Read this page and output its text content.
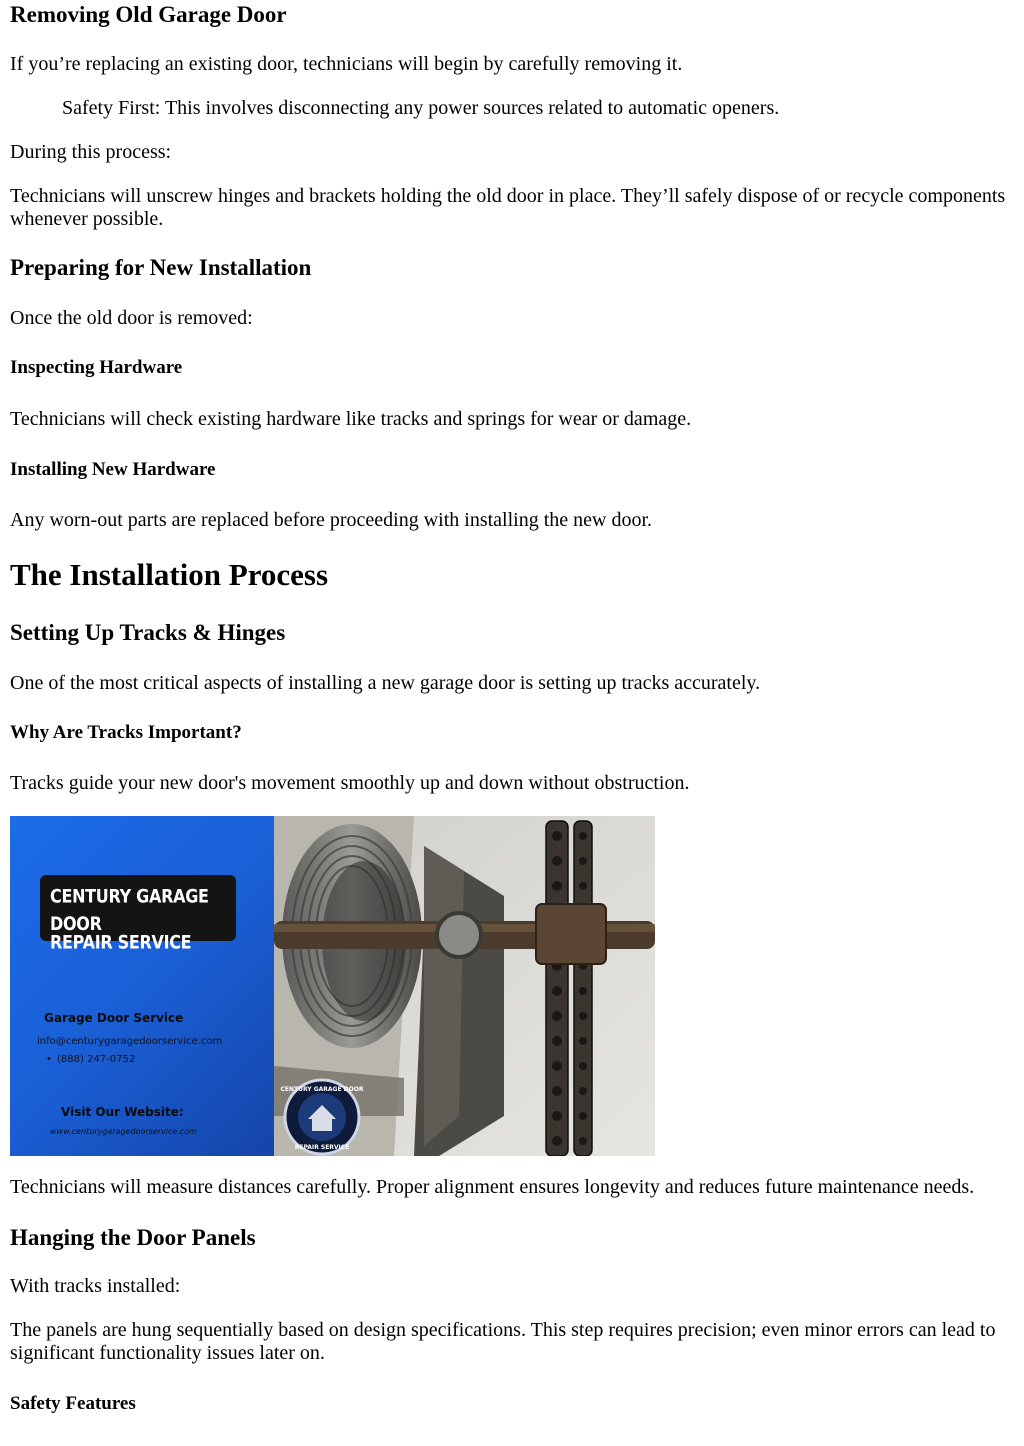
Removing Old Garage Door

If you’re replacing an existing door, technicians will begin by carefully removing it.

Safety First: This involves disconnecting any power sources related to automatic openers.

During this process:

Technicians will unscrew hinges and brackets holding the old door in place. They’ll safely dispose of or recycle components whenever possible.

Preparing for New Installation

Once the old door is removed:

Inspecting Hardware

Technicians will check existing hardware like tracks and springs for wear or damage.

Installing New Hardware

Any worn-out parts are replaced before proceeding with installing the new door.

The Installation Process
Setting Up Tracks & Hinges

One of the most critical aspects of installing a new garage door is setting up tracks accurately.

Why Are Tracks Important?

Tracks guide your new door's movement smoothly up and down without obstruction.

CENTURY GARAGE DOOR
REPAIR SERVICE
Garage Door Service
info@centurygaragedoorservice.com
• (888) 247-0752
Visit Our Website:
www.centurygaragedoorservice.com
CENTURY GARAGE DOOR
REPAIR SERVICE

Technicians will measure distances carefully. Proper alignment ensures longevity and reduces future maintenance needs.

Hanging the Door Panels

With tracks installed:

The panels are hung sequentially based on design specifications. This step requires precision; even minor errors can lead to significant functionality issues later on.

Safety Features
